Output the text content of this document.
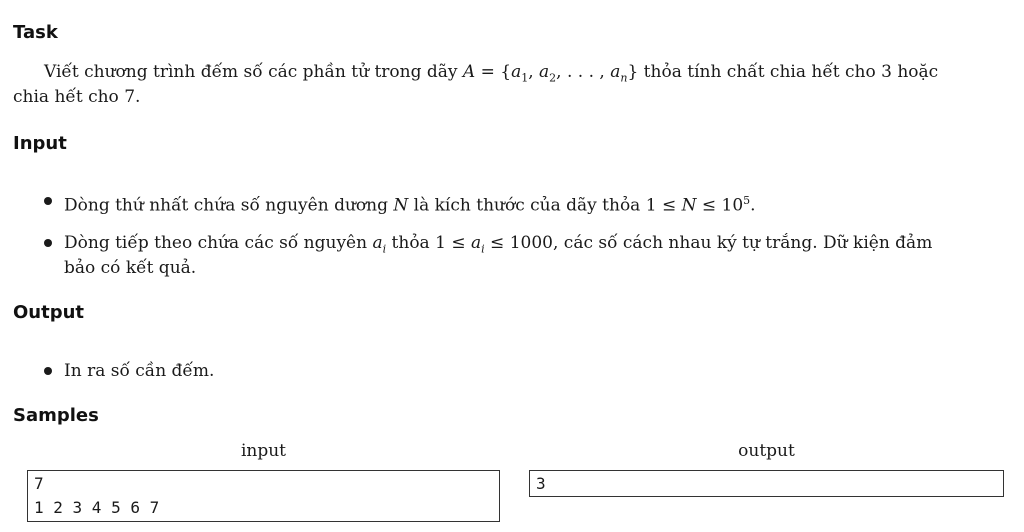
Task
Viết chương trình đếm số các phần tử trong dãy $A = \{a_1$, $a_2$, . . . , $a_n$} thỏa tính chất chia hết cho 3 hoặc
chia hết cho 7.
Input
Dòng thứ nhất chứa số nguyên dương N là kích thước của dãy thỏa $1 \le N \le 10^5$.
Dòng tiếp theo chứa các số nguyên $a_i$ thỏa $1 \le a_i \le 1000$, các số cách nhau ký tự trắng. Dữ kiện đảm
bảo có kết quả.
Output
In ra số cần đếm.
Samples
input	output
7
1 2 3 4 5 6 7
3
